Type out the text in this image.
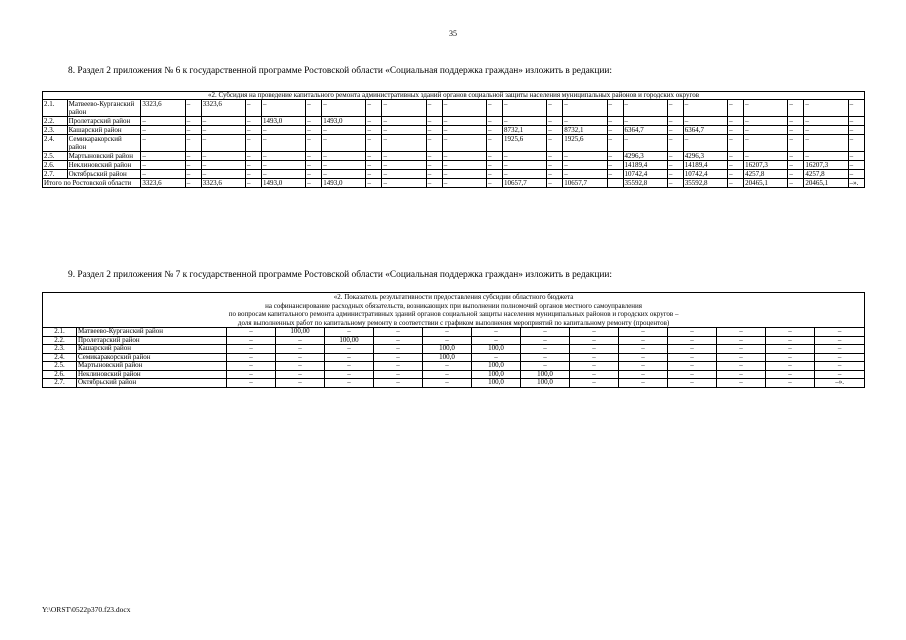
35
8. Раздел 2 приложения № 6 к государственной программе Ростовской области «Социальная поддержка граждан» изложить в редакции:
«2. Субсидия на проведение капитального ремонта административных зданий органов социальной защиты населения муниципальных районов и городских округов																									
2.1.	Матвеево-Курганский район	3323,6	–	3323,6	–	–	–	–	–	–	–	–	–	–	–	–	–	–	–	–	–	–	–	–	–
2.2.	Пролетарский район	–	–	–	–	1493,0	–	1493,0	–	–	–	–	–	–	–	–	–	–	–	–	–	–	–	–	–
2.3.	Кашарский район	–	–	–	–	–	–	–	–	–	–	–	–	8732,1	–	8732,1	–	6364,7	–	6364,7	–	–	–	–	–
2.4.	Семикаракорский район	–	–	–	–	–	–	–	–	–	–	–	–	1925,6	–	1925,6	–	–	–	–	–	–	–	–	–
2.5.	Мартыновский район	–	–	–	–	–	–	–	–	–	–	–	–	–	–	–	–	4296,3	–	4296,3	–	–	–	–	–
2.6.	Неклиновский район	–	–	–	–	–	–	–	–	–	–	–	–	–	–	–	–	14189,4	–	14189,4	–	16207,3	–	16207,3	–
2.7.	Октябрьский район	–	–	–	–	–	–	–	–	–	–	–	–	–	–	–	–	10742,4	–	10742,4	–	4257,8	–	4257,8	–
Итого по Ростовской области		3323,6	–	3323,6	–	1493,0	–	1493,0	–	–	–	–	–	10657,7	–	10657,7		35592,8	–	35592,8	–	20465,1	–	20465,1	–».
9. Раздел 2 приложения № 7 к государственной программе Ростовской области «Социальная поддержка граждан» изложить в редакции:
«2. Показатель результативности предоставления субсидии областного бюджета
на софинансирование расходных обязательств, возникающих при выполнении полномочий органов местного самоуправления
по вопросам капитального ремонта административных зданий органов социальной защиты населения муниципальных районов и городских округов –
доля выполненных работ по капитальному ремонту в соответствии с графиком выполнения мероприятий по капитальному ремонту (процентов)														

2.1.	Матвеево-Курганский район	–	100,00	–	–	–	–	–	–	–	–	–	–	–
2.2.	Пролетарский район	–	–	100,00	–	–	–	–	–	–	–	–	–	–
2.3.	Кашарский район	–	–	–	–	100,0	100,0	–	–	–	–	–	–	–
2.4.	Семикаракорский район	–	–	–	–	100,0	–	–	–	–	–	–	–	–
2.5.	Мартыновский район	–	–	–	–	–	100,0	–	–	–	–	–	–	–
2.6.	Неклиновский район	–	–	–	–	–	100,0	100,0	–	–	–	–	–	–
2.7.	Октябрьский район	–	–	–	–	–	100,0	100,0	–	–	–	–	–	–».
Y:\ORST\0522p370.f23.docx
